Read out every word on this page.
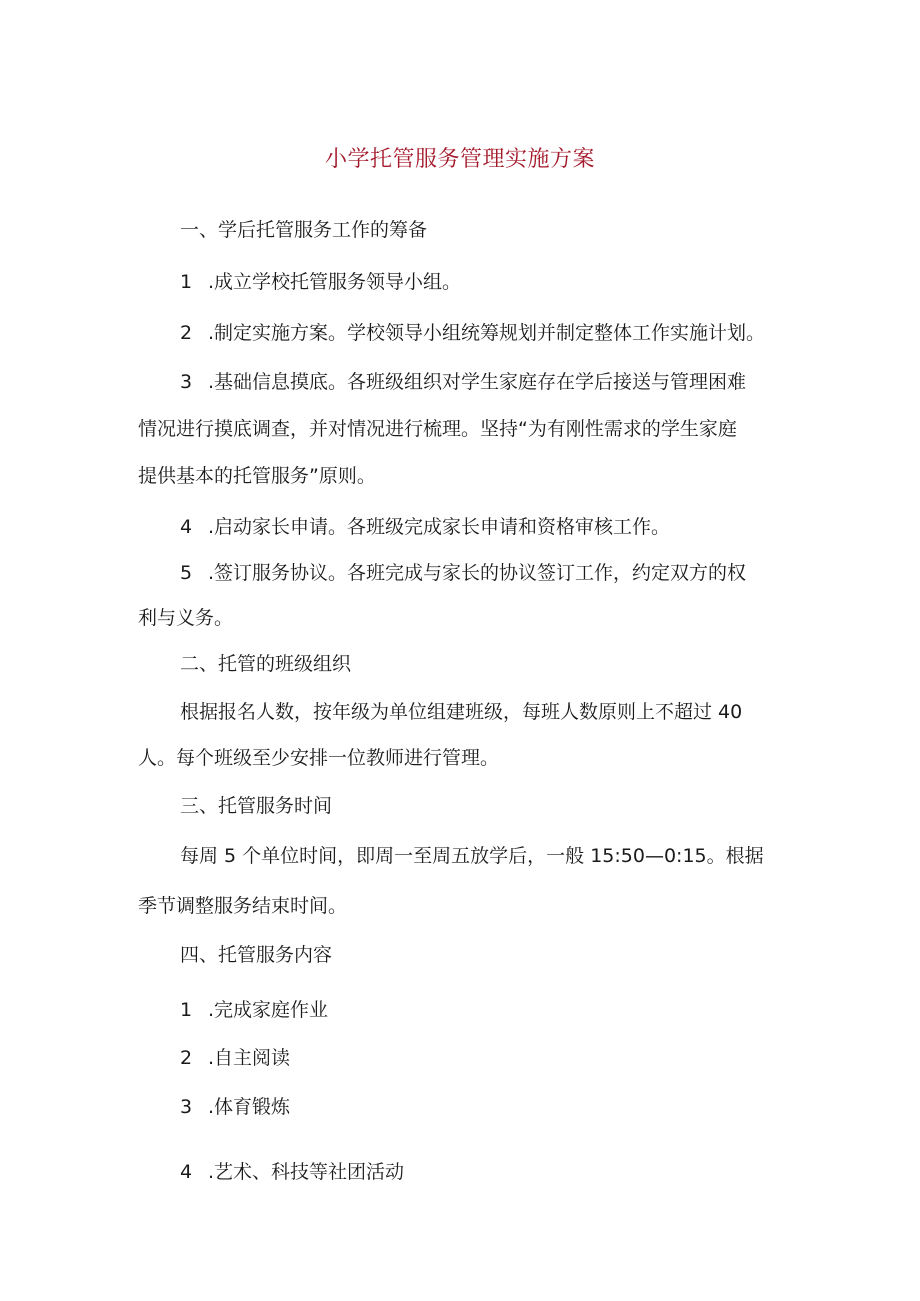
小学托管服务管理实施方案

一、学后托管服务工作的筹备

1 .成立学校托管服务领导小组。

2 .制定实施方案。学校领导小组统筹规划并制定整体工作实施计划。

3 .基础信息摸底。各班级组织对学生家庭存在学后接送与管理困难

情况进行摸底调查，并对情况进行梳理。坚持“为有刚性需求的学生家庭

提供基本的托管服务”原则。

4 .启动家长申请。各班级完成家长申请和资格审核工作。

5 .签订服务协议。各班完成与家长的协议签订工作，约定双方的权

利与义务。

二、托管的班级组织

根据报名人数，按年级为单位组建班级，每班人数原则上不超过 40

人。每个班级至少安排一位教师进行管理。

三、托管服务时间

每周 5 个单位时间，即周一至周五放学后，一般 15:50—0:15。根据

季节调整服务结束时间。

四、托管服务内容

1 .完成家庭作业

2 .自主阅读

3 .体育锻炼

4 .艺术、科技等社团活动
